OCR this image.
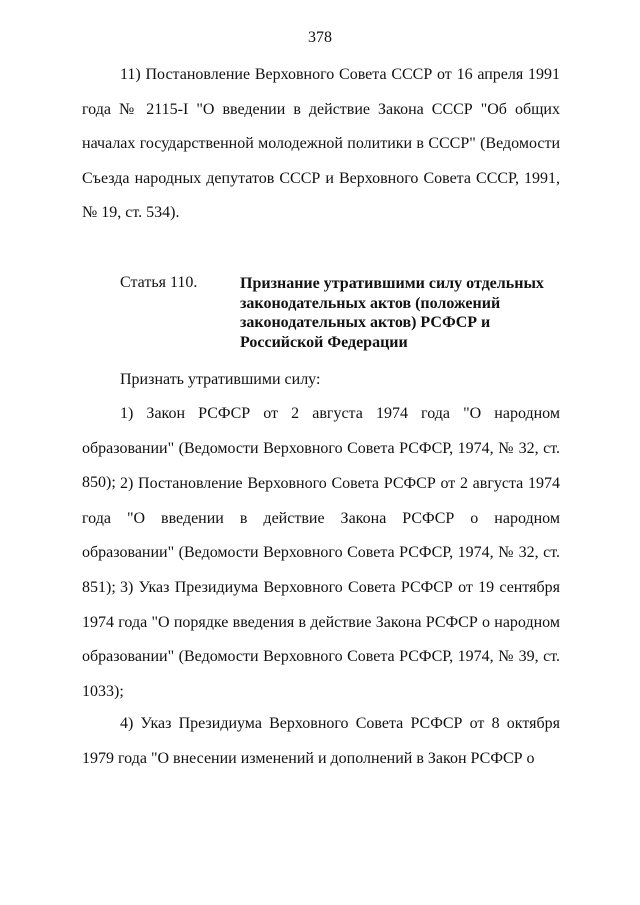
378

11) Постановление Верховного Совета СССР от 16 апреля 1991 года № 2115-I "О введении в действие Закона СССР "Об общих началах государственной молодежной политики в СССР" (Ведомости Съезда народных депутатов СССР и Верховного Совета СССР, 1991, № 19, ст. 534).

Статья 110.	Признание утратившими силу отдельных законодательных актов (положений законодательных актов) РСФСР и Российской Федерации

Признать утратившими силу:

1) Закон РСФСР от 2 августа 1974 года "О народном образовании" (Ведомости Верховного Совета РСФСР, 1974, № 32, ст. 850); 2) Постановление Верховного Совета РСФСР от 2 августа 1974 года "О введении в действие Закона РСФСР о народном образовании" (Ведомости Верховного Совета РСФСР, 1974, № 32, ст. 851); 3) Указ Президиума Верховного Совета РСФСР от 19 сентября 1974 года "О порядке введения в действие Закона РСФСР о народном образовании" (Ведомости Верховного Совета РСФСР, 1974, № 39, ст. 1033);

4) Указ Президиума Верховного Совета РСФСР от 8 октября 1979 года "О внесении изменений и дополнений в Закон РСФСР о
